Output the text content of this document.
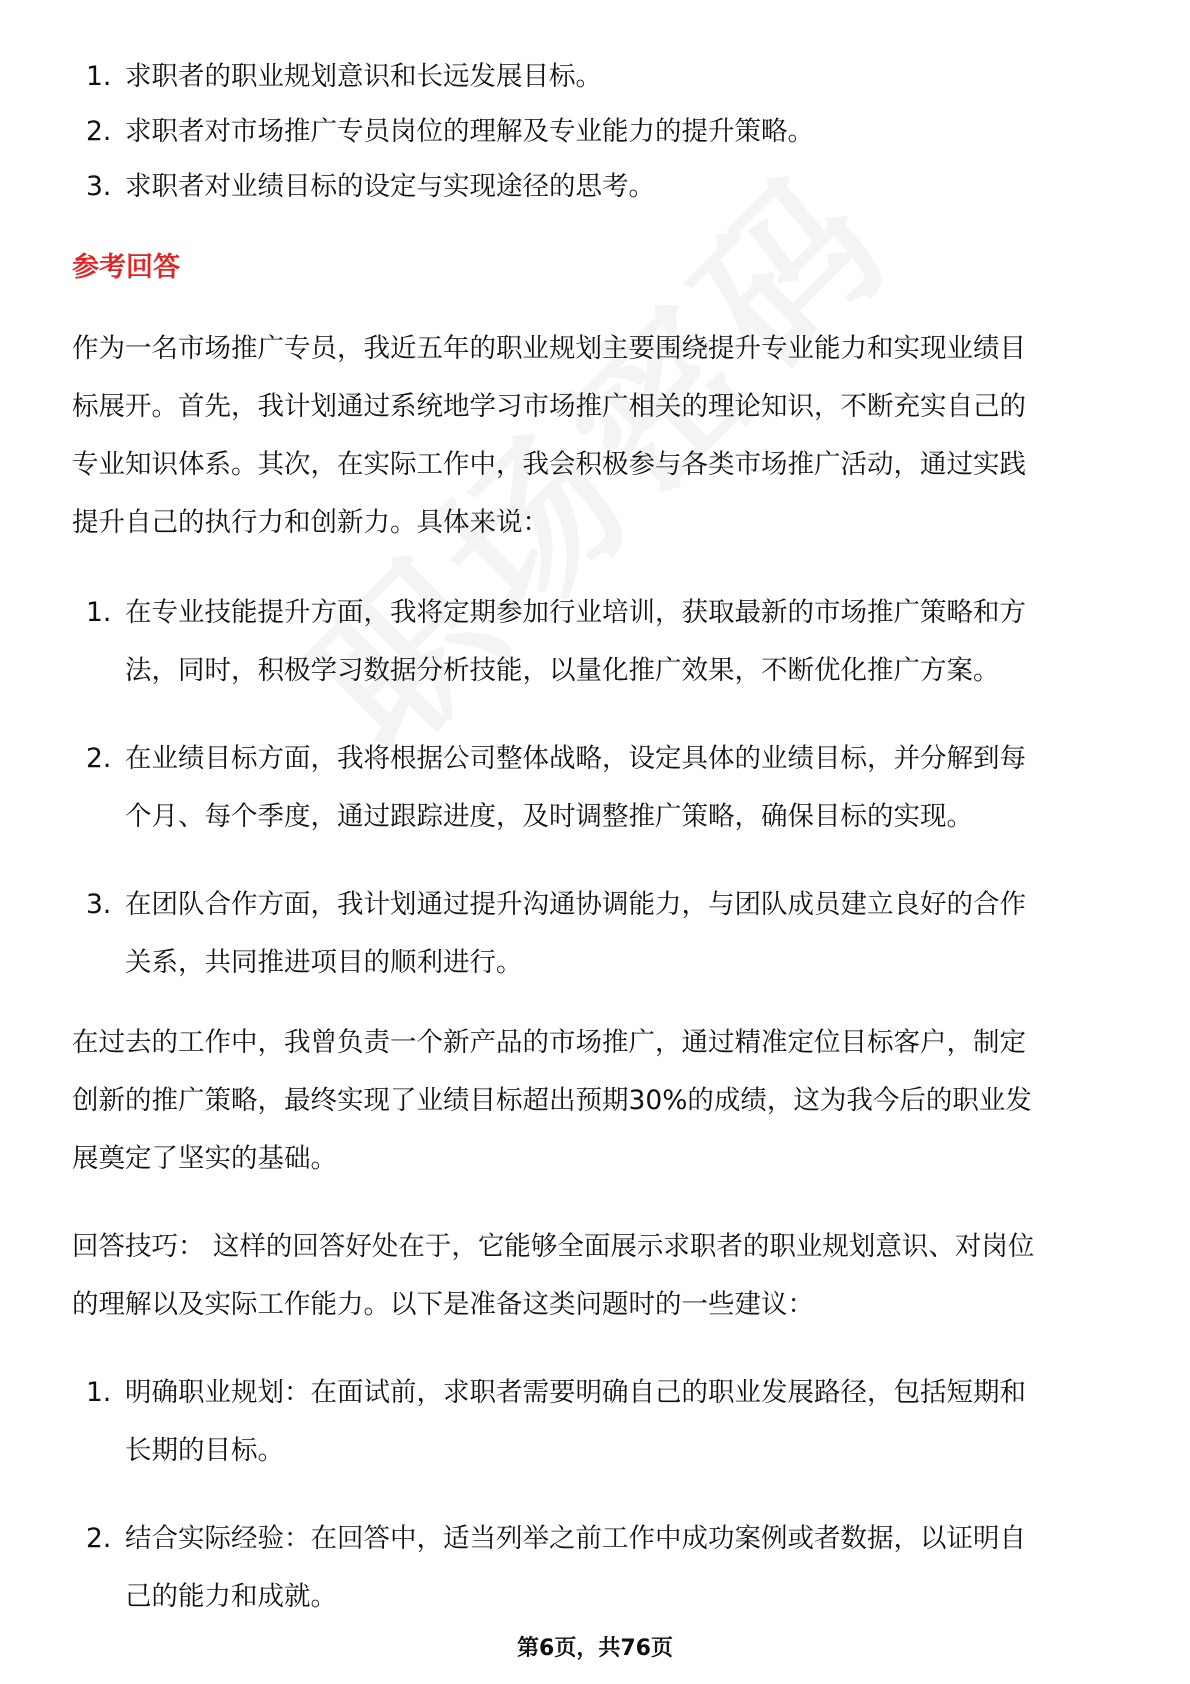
1. 求职者的职业规划意识和长远发展目标。
2. 求职者对市场推广专员岗位的理解及专业能力的提升策略。
3. 求职者对业绩目标的设定与实现途径的思考。
参考回答
作为一名市场推广专员，我近五年的职业规划主要围绕提升专业能力和实现业绩目
标展开。首先，我计划通过系统地学习市场推广相关的理论知识，不断充实自己的
专业知识体系。其次，在实际工作中，我会积极参与各类市场推广活动，通过实践
提升自己的执行力和创新力。具体来说：
1. 在专业技能提升方面，我将定期参加行业培训，获取最新的市场推广策略和方
法，同时，积极学习数据分析技能，以量化推广效果，不断优化推广方案。
2. 在业绩目标方面，我将根据公司整体战略，设定具体的业绩目标，并分解到每
个月、每个季度，通过跟踪进度，及时调整推广策略，确保目标的实现。
3. 在团队合作方面，我计划通过提升沟通协调能力，与团队成员建立良好的合作
关系，共同推进项目的顺利进行。
在过去的工作中，我曾负责一个新产品的市场推广，通过精准定位目标客户，制定
创新的推广策略，最终实现了业绩目标超出预期30%的成绩，这为我今后的职业发
展奠定了坚实的基础。
回答技巧： 这样的回答好处在于，它能够全面展示求职者的职业规划意识、对岗位
的理解以及实际工作能力。以下是准备这类问题时的一些建议：
1. 明确职业规划：在面试前，求职者需要明确自己的职业发展路径，包括短期和
长期的目标。
2. 结合实际经验：在回答中，适当列举之前工作中成功案例或者数据，以证明自
己的能力和成就。
第6页，共76页
